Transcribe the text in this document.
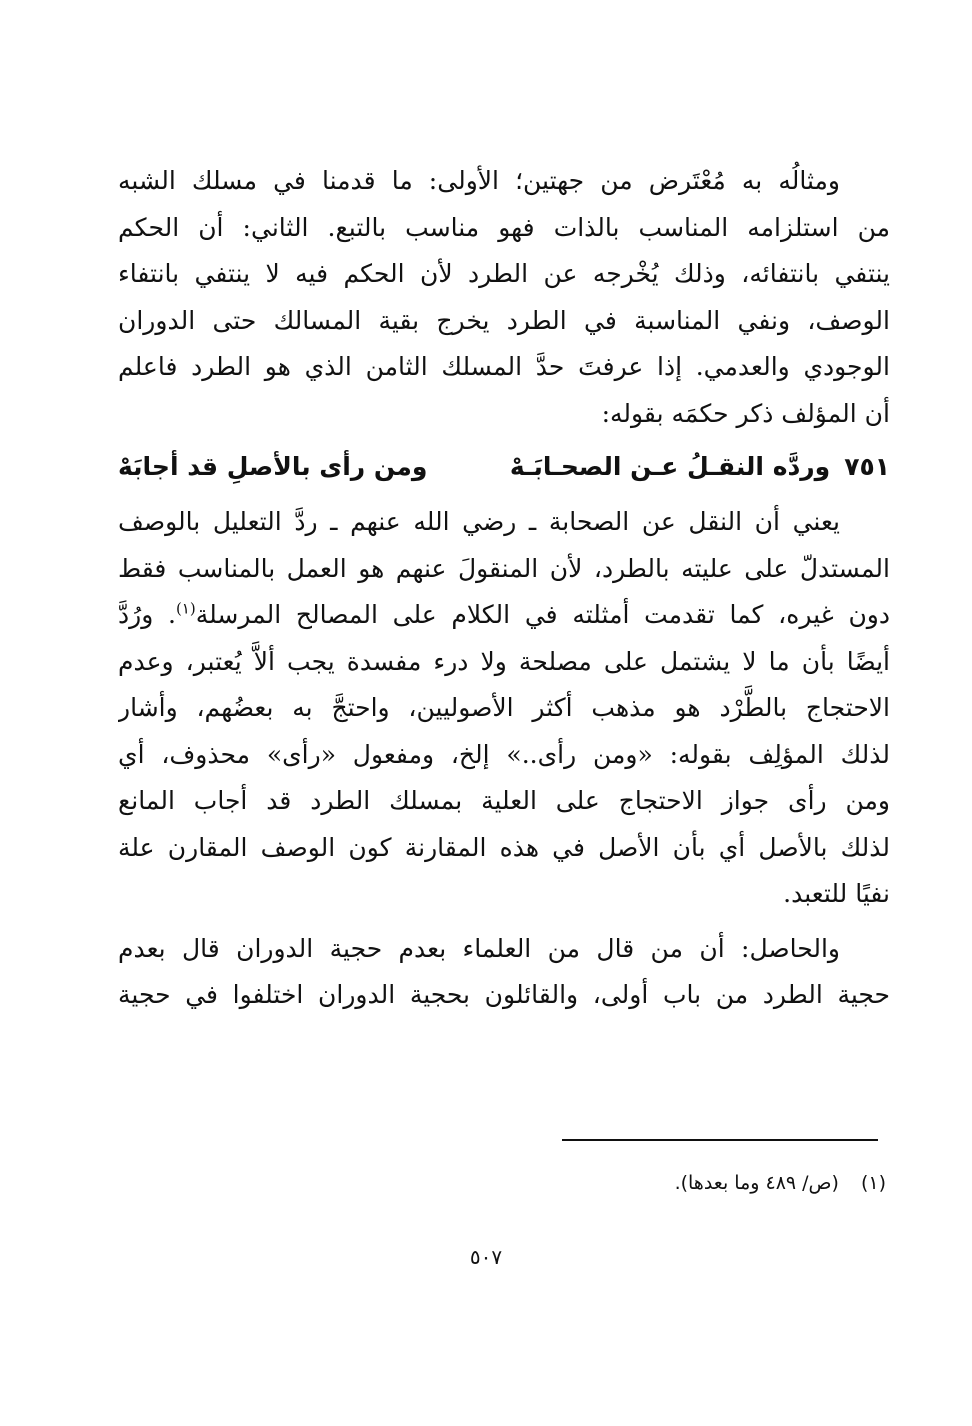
ومثالُه به مُعْتَرض من جهتين؛ الأولى: ما قدمنا في مسلك الشبه
من استلزامه المناسب بالذات فهو مناسب بالتبع. الثاني: أن الحكم
ينتفي بانتفائه، وذلك يُخْرجه عن الطرد لأن الحكم فيه لا ينتفي بانتفاء
الوصف، ونفي المناسبة في الطرد يخرج بقية المسالك حتى الدوران
الوجودي والعدمي. إذا عرفتَ حدَّ المسلك الثامن الذي هو الطرد فاعلم
أن المؤلف ذكر حكمَه بقوله:
٧٥١
وردَّه النقـلُ عـن الصحـابَـهْ
ومن رأى بالأصلِ قد أجابَهْ
يعني أن النقل عن الصحابة ـ رضي الله عنهم ـ ردَّ التعليل بالوصف
المستدلّ على عليته بالطرد، لأن المنقولَ عنهم هو العمل بالمناسب فقط
دون غيره، كما تقدمت أمثلته في الكلام على المصالح المرسلة$^{(١)}$. ورُدَّ
أيضًا بأن ما لا يشتمل على مصلحة ولا درء مفسدة يجب ألاَّ يُعتبر، وعدم
الاحتجاج بالطَّرْد هو مذهب أكثر الأصوليين، واحتجَّ به بعضُهم، وأشار
لذلك المؤلِف بقوله: «ومن رأى..» إلخ، ومفعول «رأى» محذوف، أي
ومن رأى جواز الاحتجاج على العلية بمسلك الطرد قد أجاب المانع
لذلك بالأصل أي بأن الأصل في هذه المقارنة كون الوصف المقارن علة
نفيًا للتعبد.
والحاصل: أن من قال من العلماء بعدم حجية الدوران قال بعدم
حجية الطرد من باب أولى، والقائلون بحجية الدوران اختلفوا في حجية
(١)(ص/ ٤٨٩ وما بعدها).
٥٠٧
